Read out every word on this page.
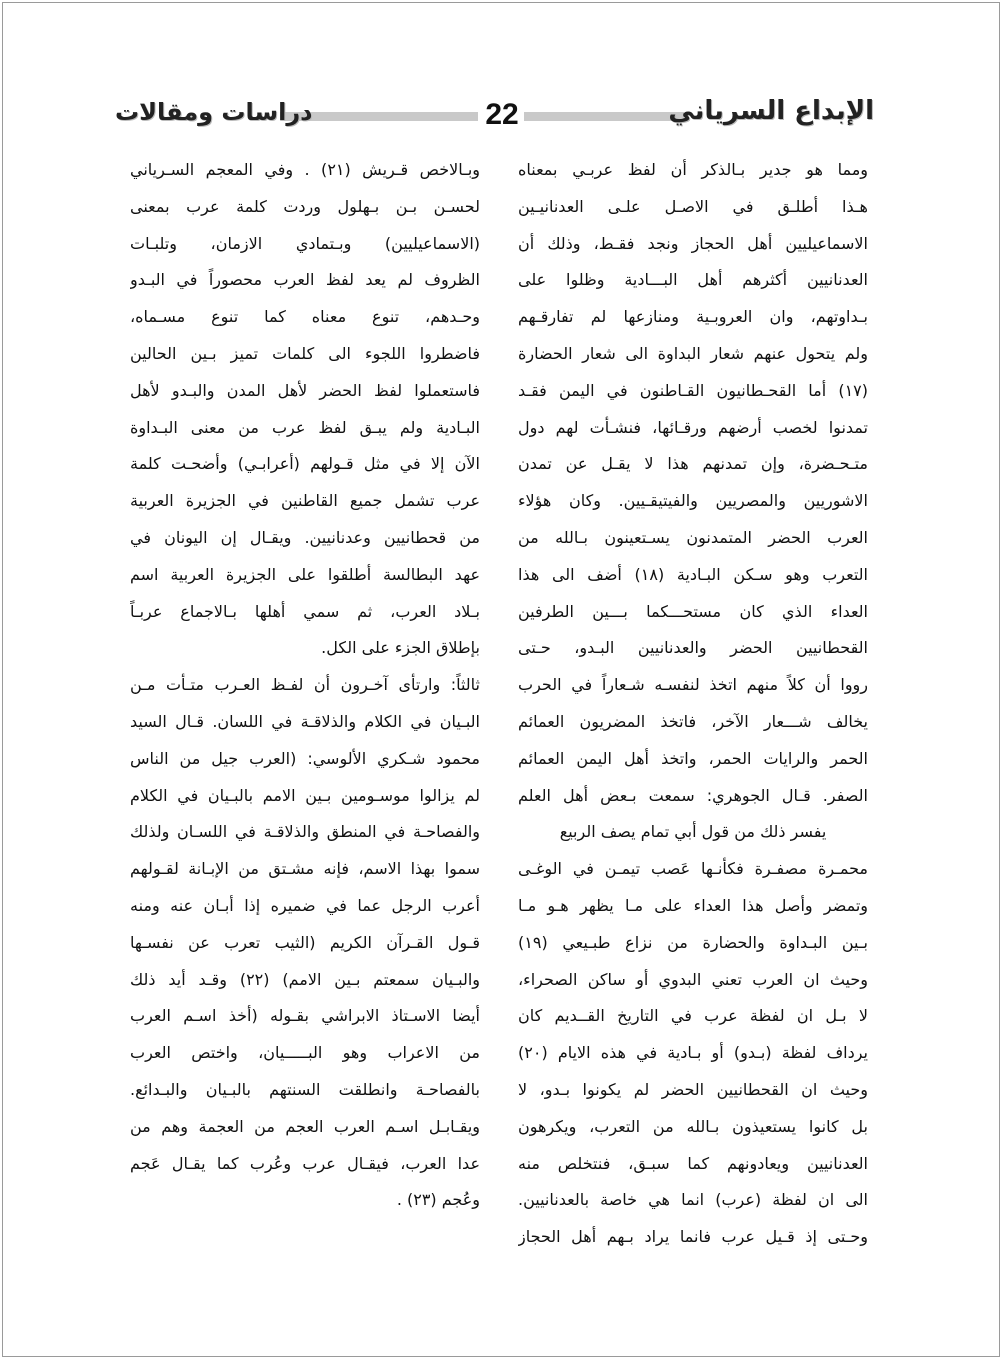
الإبداع السرياني
22
دراسات ومقالات
ومما هو جدير بـالذكر أن لفظ عربـي بمعناه
هـذا أطلـق في الاصـل علـى العدنانيـين
الاسماعيليين أهل الحجاز ونجد فقـط، وذلك أن
العدنانيين أكثرهم أهل البـــادية وظلوا على
بـداوتهم، وان العروبـية ومنازعها لم تفارقـهم
ولم يتحول عنهم شعار البداوة الى شعار الحضارة
(١٧) أما القحـطانيون القـاطنون في اليمن فقـد
تمدنوا لخصب أرضهم ورقـائها، فنشـأت لهم دول
متـحـضرة، وإن تمدنهم هذا لا يقـل عن تمدن
الاشوريين والمصريين والفيتيقـيين. وكان هؤلاء
العرب الحضر المتمدنون يسـتعينون بـالله من
التعرب وهو سـكن البـادية (١٨) أضف الى هذا
العداء الذي كان مستحـــكما بـــين الطرفين
القحطانيين الحضر والعدنانيين البـدو، حـتى
رووا أن كلاً منهم اتخذ لنفسـه شـعاراً في الحرب
يخالف شـــعار الآخر، فاتخذ المضريون العمائم
الحمر والرايات الحمر، واتخذ أهل اليمن العمائم
الصفر. قـال الجوهري: سمعت بـعض أهل العلم
يفسر ذلك من قول أبي تمام يصف الربيع
محمـرة مصفـرة فكأنـها عَصب تيمـن في الوغـى
وتمضر وأصل هذا العداء على مـا يظهر هـو مـا
بـين البـداوة والحضارة من نزاع طبـيعي (١٩)
وحيث ان العرب تعني البدوي أو ساكن الصحراء،
لا بـل ان لفظة عرب في التاريخ القــديم كان
يرداف لفظة (بـدو) أو بـادية في هذه الايام (٢٠)
وحيث ان القحطانيين الحضر لم يكونوا بـدو، لا
بل كانوا يستعيذون بـالله من التعرب، ويكرهون
العدنانيين ويعادونهم كما سبـق، فنتخلص منه
الى ان لفظة (عرب) انما هي خاصة بالعدنانيين.
وحـتى إذ قـيل عرب فانما يراد بـهم أهل الحجاز
وبـالاخص قـريش (٢١) . وفي المعجم السـرياني
لحسـن بـن بـهلول وردت كلمة عرب بمعنى
(الاسماعيليين) وبـتمادي الازمان، وتلبـات
الظروف لم يعد لفظ العرب محصوراً في البـدو
وحـدهم، تنوع معناه كما تنوع مسـماه،
فاضطروا اللجوء الى كلمات تميز بـين الحالين
فاستعملوا لفظ الحضر لأهل المدن والبـدو لأهل
البـادية ولم يبـق لفظ عرب من معنى البـداوة
الآن إلا في مثل قـولهم (أعرابـي) وأضحـت كلمة
عرب تشمل جميع القاطنين في الجزيرة العربية
من قحطانيين وعدنانيين. ويقـال إن اليونان في
عهد البطالسة أطلقوا على الجزيرة العربية اسم
بـلاد العرب، ثم سمي أهلها بـالاجماع عربـاً
بإطلاق الجزء على الكل.
ثالثاً: وارتأى آخـرون أن لفـظ العـرب متـأت مـن
البـيان في الكلام والذلاقـة في اللسان. قـال السيد
محمود شـكري الألوسي: (العرب جيل من الناس
لم يزالوا موسـومين بـين الامم بالبـيان في الكلام
والفصاحـة في المنطق والذلاقـة في اللسـان ولذلك
سموا بهذا الاسم، فإنه مشـتق من الإبـانة لقـولهم
أعرب الرجل عما في ضميره إذا أبـان عنه ومنه
قـول القـرآن الكريم (الثيب تعرب عن نفسـها
والبـيان سمعتم بـين الامم) (٢٢) وقـد أيد ذلك
أيضا الاسـتاذ الابراشي بقـوله (أخذ اسـم العرب
من الاعراب وهو البـــــيان، واختص العرب
بالفصاحـة وانطلقت السنتهم بالبـيان والبـدائع.
ويقـابـل اسـم العرب العجم من العجمة وهم من
عدا العرب، فيقـال عرب وعُرب كما يقـال عَجم
وعُجم (٢٣) .
